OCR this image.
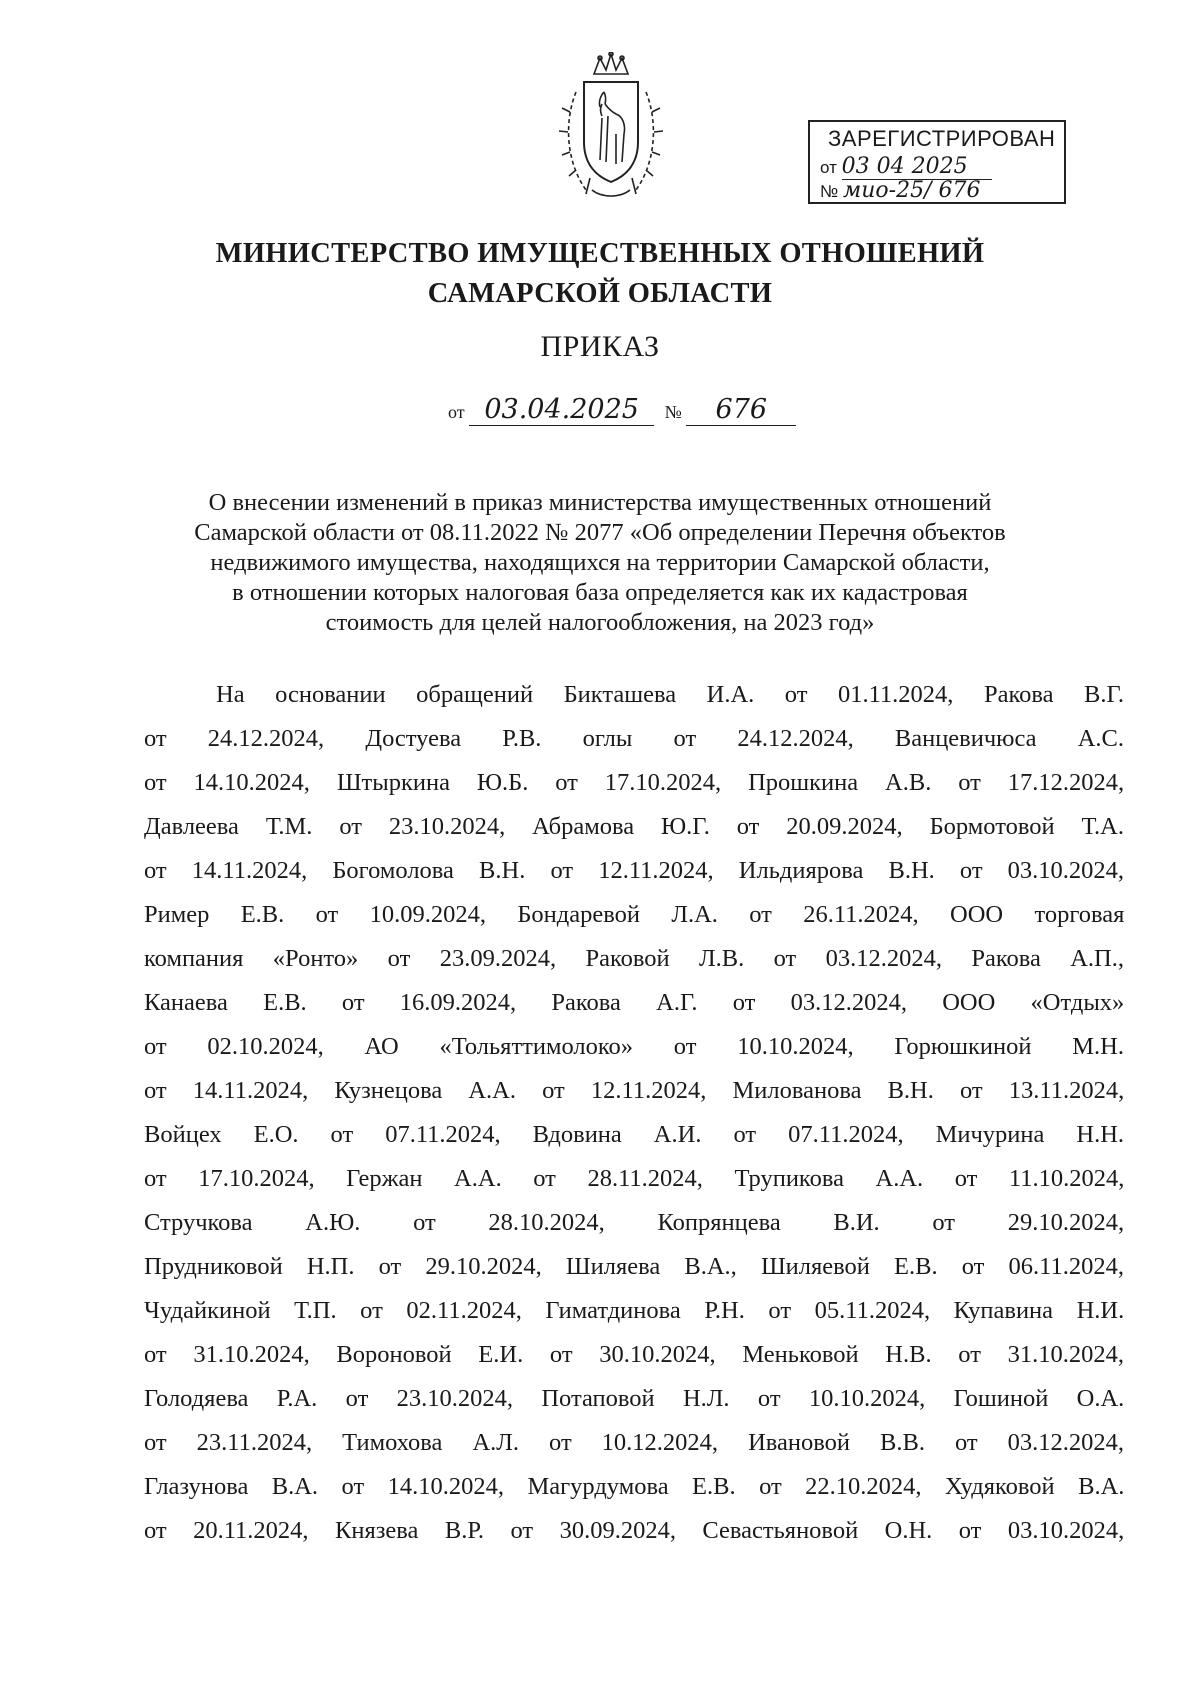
ЗАРЕГИСТРИРОВАН
от 03 04 2025
№ мио-25/ 676
МИНИСТЕРСТВО ИМУЩЕСТВЕННЫХ ОТНОШЕНИЙ
САМАРСКОЙ ОБЛАСТИ
ПРИКАЗ
от 03.04.2025 № 676
О внесении изменений в приказ министерства имущественных отношений
Самарской области от 08.11.2022 № 2077 «Об определении Перечня объектов
недвижимого имущества, находящихся на территории Самарской области,
в отношении которых налоговая база определяется как их кадастровая
стоимость для целей налогообложения, на 2023 год»
На основании обращений Бикташева И.А. от 01.11.2024, Ракова В.Г.
от 24.12.2024, Достуева Р.В. оглы от 24.12.2024, Ванцевичюса А.С.
от 14.10.2024, Штыркина Ю.Б. от 17.10.2024, Прошкина А.В. от 17.12.2024,
Давлеева Т.М. от 23.10.2024, Абрамова Ю.Г. от 20.09.2024, Бормотовой Т.А.
от 14.11.2024, Богомолова В.Н. от 12.11.2024, Ильдиярова В.Н. от 03.10.2024,
Ример Е.В. от 10.09.2024, Бондаревой Л.А. от 26.11.2024, ООО торговая
компания «Ронто» от 23.09.2024, Раковой Л.В. от 03.12.2024, Ракова А.П.,
Канаева Е.В. от 16.09.2024, Ракова А.Г. от 03.12.2024, ООО «Отдых»
от 02.10.2024, АО «Тольяттимолоко» от 10.10.2024, Горюшкиной М.Н.
от 14.11.2024, Кузнецова А.А. от 12.11.2024, Милованова В.Н. от 13.11.2024,
Войцех Е.О. от 07.11.2024, Вдовина А.И. от 07.11.2024, Мичурина Н.Н.
от 17.10.2024, Гержан А.А. от 28.11.2024, Трупикова А.А. от 11.10.2024,
Стручкова А.Ю. от 28.10.2024, Копрянцева В.И. от 29.10.2024,
Прудниковой Н.П. от 29.10.2024, Шиляева В.А., Шиляевой Е.В. от 06.11.2024,
Чудайкиной Т.П. от 02.11.2024, Гиматдинова Р.Н. от 05.11.2024, Купавина Н.И.
от 31.10.2024, Вороновой Е.И. от 30.10.2024, Меньковой Н.В. от 31.10.2024,
Голодяева Р.А. от 23.10.2024, Потаповой Н.Л. от 10.10.2024, Гошиной О.А.
от 23.11.2024, Тимохова А.Л. от 10.12.2024, Ивановой В.В. от 03.12.2024,
Глазунова В.А. от 14.10.2024, Магурдумова Е.В. от 22.10.2024, Худяковой В.А.
от 20.11.2024, Князева В.Р. от 30.09.2024, Севастьяновой О.Н. от 03.10.2024,
